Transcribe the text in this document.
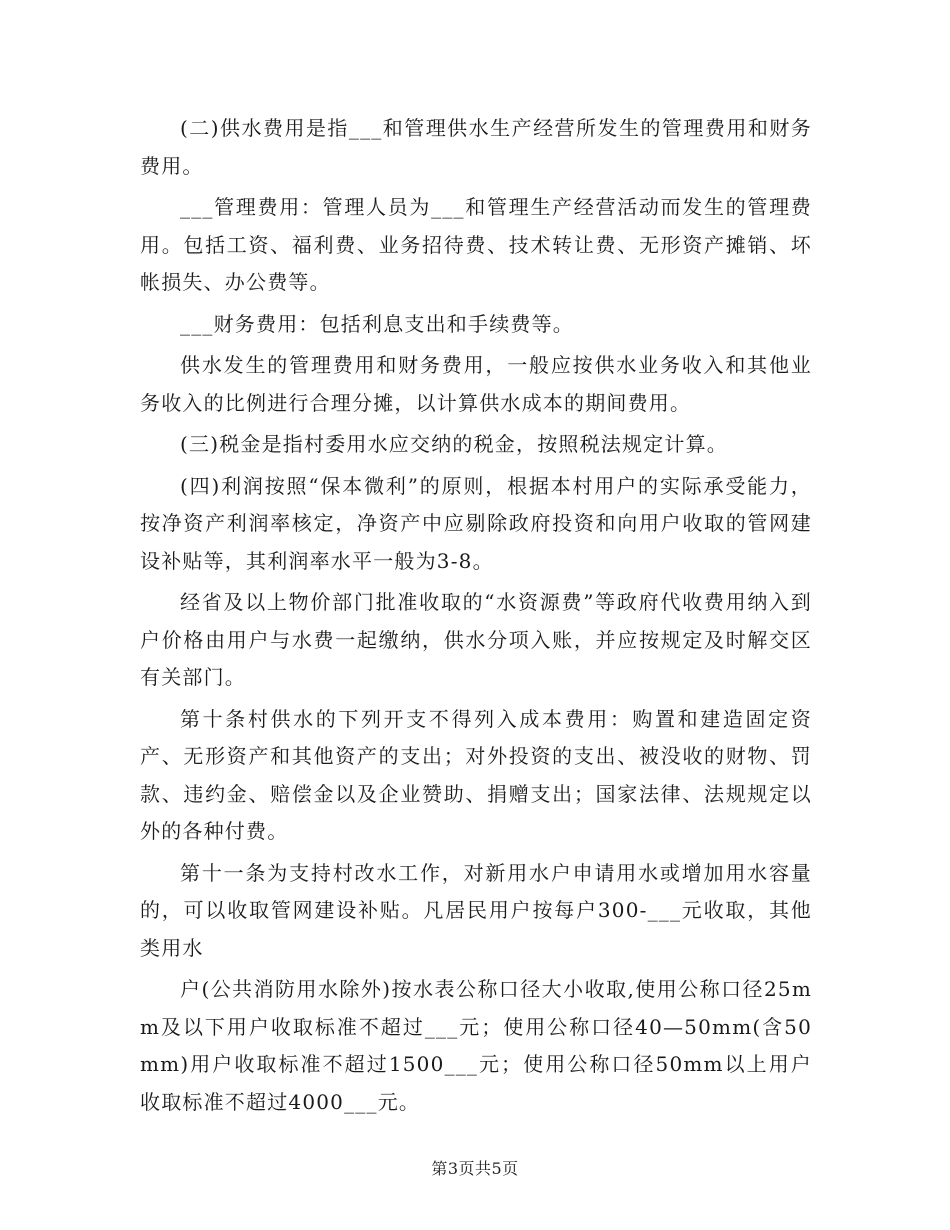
(二)供水费用是指___和管理供水生产经营所发生的管理费用和财务费用。

___管理费用：管理人员为___和管理生产经营活动而发生的管理费用。包括工资、福利费、业务招待费、技术转让费、无形资产摊销、坏帐损失、办公费等。

___财务费用：包括利息支出和手续费等。

供水发生的管理费用和财务费用，一般应按供水业务收入和其他业务收入的比例进行合理分摊，以计算供水成本的期间费用。

(三)税金是指村委用水应交纳的税金，按照税法规定计算。

(四)利润按照“保本微利”的原则，根据本村用户的实际承受能力，按净资产利润率核定，净资产中应剔除政府投资和向用户收取的管网建设补贴等，其利润率水平一般为3-8。

经省及以上物价部门批准收取的“水资源费”等政府代收费用纳入到户价格由用户与水费一起缴纳，供水分项入账，并应按规定及时解交区有关部门。

第十条村供水的下列开支不得列入成本费用：购置和建造固定资产、无形资产和其他资产的支出；对外投资的支出、被没收的财物、罚款、违约金、赔偿金以及企业赞助、捐赠支出；国家法律、法规规定以外的各种付费。

第十一条为支持村改水工作，对新用水户申请用水或增加用水容量的，可以收取管网建设补贴。凡居民用户按每户300-___元收取，其他类用水

户(公共消防用水除外)按水表公称口径大小收取,使用公称口径25mm及以下用户收取标准不超过___元；使用公称口径40—50mm(含50mm)用户收取标准不超过1500___元；使用公称口径50mm以上用户收取标准不超过4000___元。

第3页共5页
